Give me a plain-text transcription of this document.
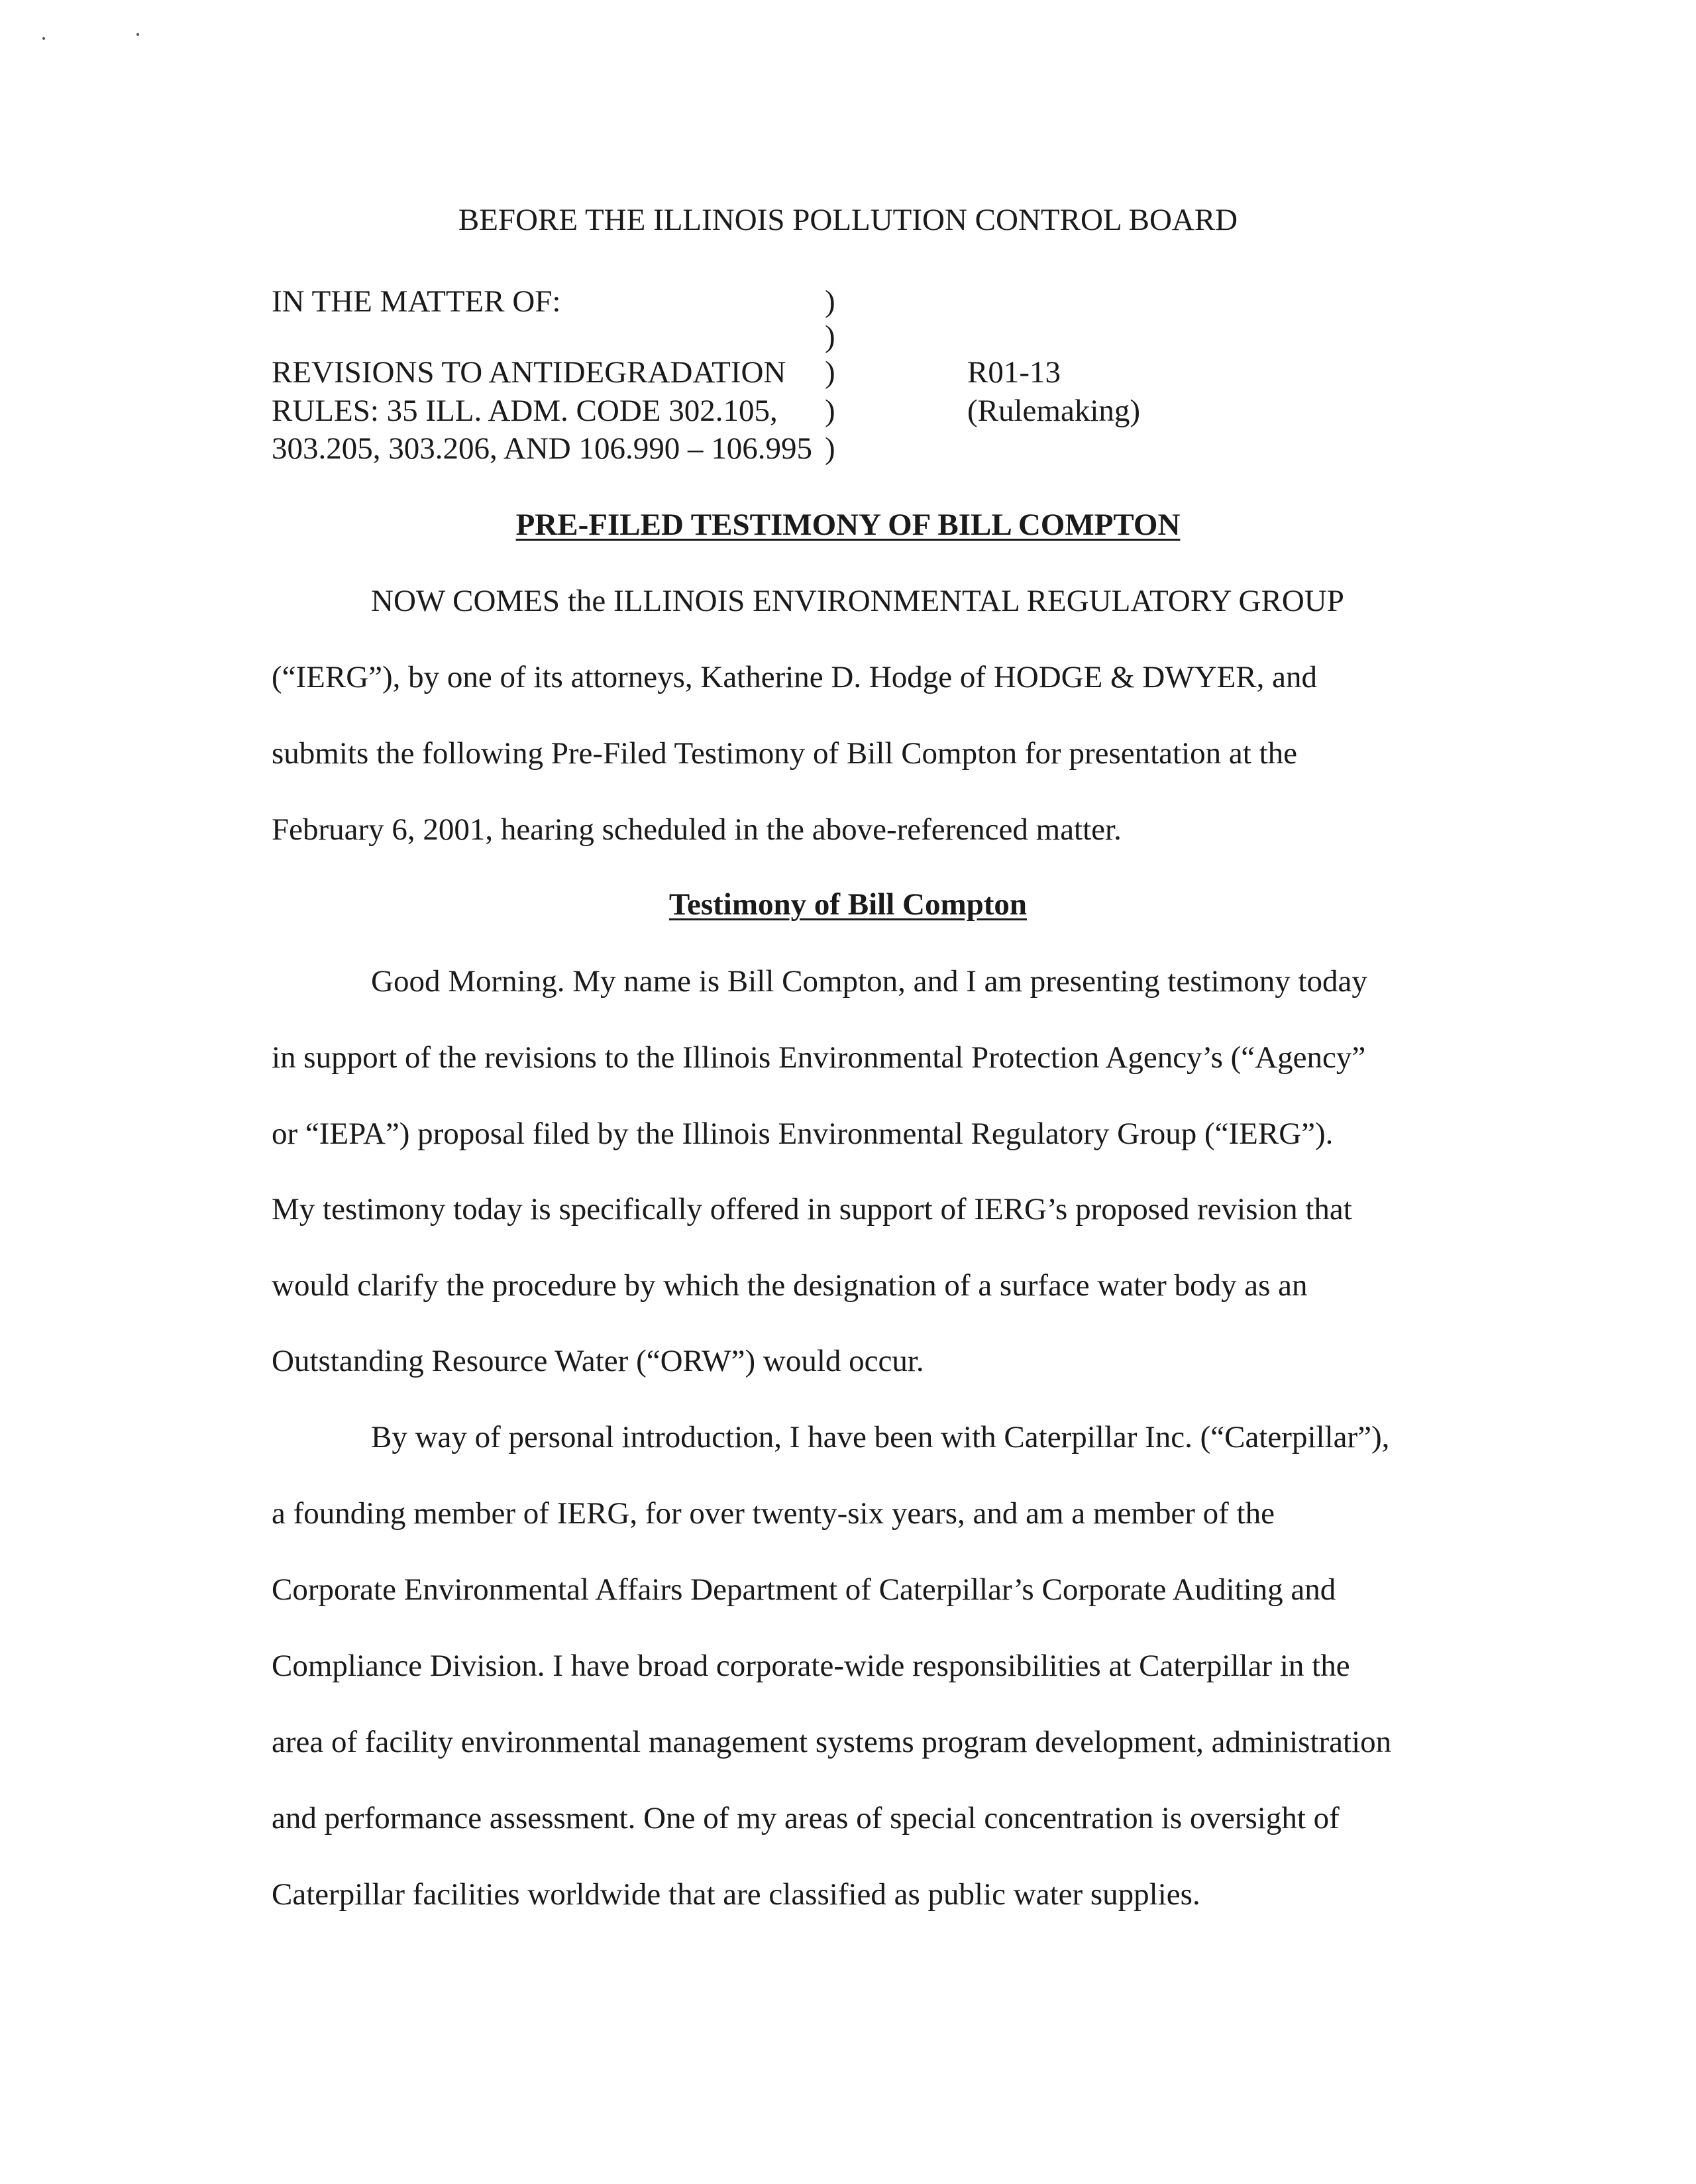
BEFORE THE ILLINOIS POLLUTION CONTROL BOARD
IN THE MATTER OF:
REVISIONS TO ANTIDEGRADATION
RULES: 35 ILL. ADM. CODE 302.105,
303.205, 303.206, AND 106.990 – 106.995
)
)
)
)
)
R01-13
(Rulemaking)
PRE-FILED TESTIMONY OF BILL COMPTON
NOW COMES the ILLINOIS ENVIRONMENTAL REGULATORY GROUP
(“IERG”), by one of its attorneys, Katherine D. Hodge of HODGE & DWYER, and
submits the following Pre-Filed Testimony of Bill Compton for presentation at the
February 6, 2001, hearing scheduled in the above-referenced matter.
Testimony of Bill Compton
Good Morning. My name is Bill Compton, and I am presenting testimony today
in support of the revisions to the Illinois Environmental Protection Agency’s (“Agency”
or “IEPA”) proposal filed by the Illinois Environmental Regulatory Group (“IERG”).
My testimony today is specifically offered in support of IERG’s proposed revision that
would clarify the procedure by which the designation of a surface water body as an
Outstanding Resource Water (“ORW”) would occur.
By way of personal introduction, I have been with Caterpillar Inc. (“Caterpillar”),
a founding member of IERG, for over twenty-six years, and am a member of the
Corporate Environmental Affairs Department of Caterpillar’s Corporate Auditing and
Compliance Division. I have broad corporate-wide responsibilities at Caterpillar in the
area of facility environmental management systems program development, administration
and performance assessment. One of my areas of special concentration is oversight of
Caterpillar facilities worldwide that are classified as public water supplies.
